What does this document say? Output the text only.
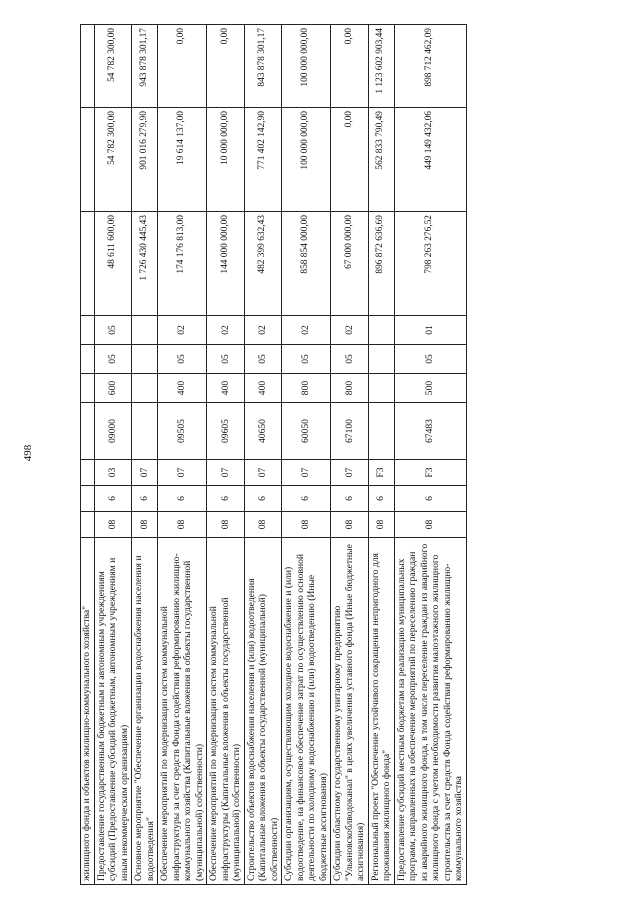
498
жилищного фонда и объектов жилищно-коммунального хозяйства"										
Предоставление государственным бюджетным и автономным учреждениям субсидий (Предоставление субсидий бюджетным, автономным учреждениям и иным некоммерческим организациям)	08	6	03	09000	600	05	05	48 611 600,00	54 782 300,00	54 782 300,00
Основное мероприятие "Обеспечение организации водоснабжения населения и водоотведения"	08	6	07					1 726 430 445,43	901 016 279,90	943 878 301,17
Обеспечение мероприятий по модернизации систем коммунальной инфраструктуры за счет средств Фонда содействия реформированию жилищно-коммунального хозяйства (Капитальные вложения в объекты государственной (муниципальной) собственности)	08	6	07	09505	400	05	02	174 176 813,00	19 614 137,00	0,00
Обеспечение мероприятий по модернизации систем коммунальной инфраструктуры (Капитальные вложения в объекты государственной (муниципальной) собственности)	08	6	07	09605	400	05	02	144 000 000,00	10 000 000,00	0,00
Строительство объектов водоснабжения населения и (или) водоотведения (Капитальные вложения в объекты государственной (муниципальной) собственности)	08	6	07	40650	400	05	02	482 399 632,43	771 402 142,90	843 878 301,17
Субсидии организациям, осуществляющим холодное водоснабжение и (или) водоотведение, на финансовое обеспечение затрат по осуществлению основной деятельности по холодному водоснабжению и (или) водоотведению (Иные бюджетные ассигнования)	08	6	07	60050	800	05	02	858 854 000,00	100 000 000,00	100 000 000,00
Субсидии областному государственному унитарному предприятию "Ульяновскоблводоканал" в целях увеличения уставного фонда (Иные бюджетные ассигнования)	08	6	07	67100	800	05	02	67 000 000,00	0,00	0,00
Региональный проект "Обеспечение устойчивого сокращения непригодного для проживания жилищного фонда"	08	6	F3					896 872 636,69	562 833 790,49	1 123 602 903,44
Предоставление субсидий местным бюджетам на реализацию муниципальных программ, направленных на обеспечение мероприятий по переселению граждан из аварийного жилищного фонда, в том числе переселение граждан из аварийного жилищного фонда с учетом необходимости развития малоэтажного жилищного строительства за счет средств Фонда содействия реформированию жилищно-коммунального хозяйства	08	6	F3	67483	500	05	01	798 263 276,52	449 149 432,06	898 712 462,09
